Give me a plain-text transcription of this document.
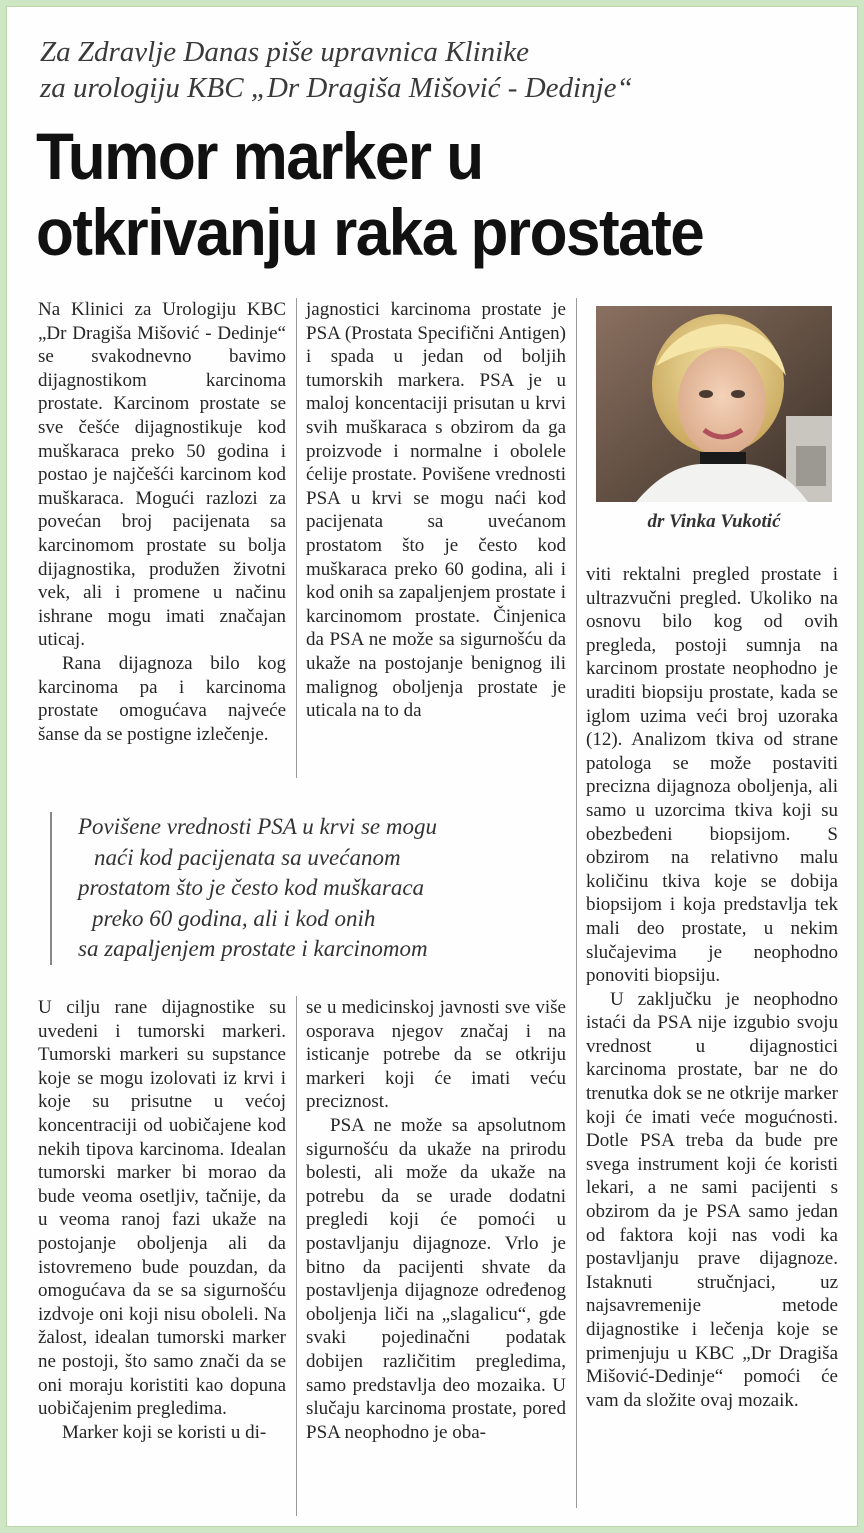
Za Zdravlje Danas piše upravnica Klinike
za urologiju KBC „Dr Dragiša Mišović - Dedinje“
Tumor marker u
otkrivanju raka prostate

Na Klinici za Urologiju KBC „Dr Dragiša Mišović - Dedinje“ se svakodnevno bavimo dijagnostikom karcinoma prostate. Karcinom prostate se sve češće dijagnostikuje kod muškaraca preko 50 godina i postao je najčešći karcinom kod muškaraca. Mogući razlozi za povećan broj pacijenata sa karcinomom prostate su bolja dijagnostika, produžen životni vek, ali i promene u načinu ishrane mogu imati značajan uticaj.

Rana dijagnoza bilo kog karcinoma pa i karcinoma prostate omogućava najveće šanse da se postigne izlečenje.

jagnostici karcinoma prostate je PSA (Prostata Specifični Antigen) i spada u jedan od boljih tumorskih markera. PSA je u maloj koncentaciji prisutan u krvi svih muškaraca s obzirom da ga proizvode i normalne i obolele ćelije prostate. Povišene vrednosti PSA u krvi se mogu naći kod pacijenata sa uvećanom prostatom što je često kod muškaraca preko 60 godina, ali i kod onih sa zapaljenjem prostate i karcinomom prostate. Činjenica da PSA ne može sa sigurnošću da ukaže na postojanje benignog ili malignog oboljenja prostate je uticala na to da

dr Vinka Vukotić

viti rektalni pregled prostate i ultrazvučni pregled. Ukoliko na osnovu bilo kog od ovih pregleda, postoji sumnja na karcinom prostate neophodno je uraditi biopsiju prostate, kada se iglom uzima veći broj uzoraka (12). Analizom tkiva od strane patologa se može postaviti precizna dijagnoza oboljenja, ali samo u uzorcima tkiva koji su obezbeđeni biopsijom. S obzirom na relativno malu količinu tkiva koje se dobija biopsijom i koja predstavlja tek mali deo prostate, u nekim slučajevima je neophodno ponoviti biopsiju.

U zaključku je neophodno istaći da PSA nije izgubio svoju vrednost u dijagnostici karcinoma prostate, bar ne do trenutka dok se ne otkrije marker koji će imati veće mogućnosti. Dotle PSA treba da bude pre svega instrument koji će koristi lekari, a ne sami pacijenti s obzirom da je PSA samo jedan od faktora koji nas vodi ka postavljanju prave dijagnoze. Istaknuti stručnjaci, uz najsavremenije metode dijagnostike i lečenja koje se primenjuju u KBC „Dr Dragiša Mišović-Dedinje“ pomoći će vam da složite ovaj mozaik.

Povišene vrednosti PSA u krvi se mogu
naći kod pacijenata sa uvećanom
prostatom što je često kod muškaraca
preko 60 godina, ali i kod onih
sa zapaljenjem prostate i karcinomom

U cilju rane dijagnostike su uvedeni i tumorski markeri. Tumorski markeri su supstance koje se mogu izolovati iz krvi i koje su prisutne u većoj koncentraciji od uobičajene kod nekih tipova karcinoma. Idealan tumorski marker bi morao da bude veoma osetljiv, tačnije, da u veoma ranoj fazi ukaže na postojanje oboljenja ali da istovremeno bude pouzdan, da omogućava da se sa sigurnošću izdvoje oni koji nisu oboleli. Na žalost, idealan tumorski marker ne postoji, što samo znači da se oni moraju koristiti kao dopuna uobičajenim pregledima.

Marker koji se koristi u di-

se u medicinskoj javnosti sve više osporava njegov značaj i na isticanje potrebe da se otkriju markeri koji će imati veću preciznost.

PSA ne može sa apsolutnom sigurnošću da ukaže na prirodu bolesti, ali može da ukaže na potrebu da se urade dodatni pregledi koji će pomoći u postavljanju dijagnoze. Vrlo je bitno da pacijenti shvate da postavljenja dijagnoze određenog oboljenja liči na „slagalicu“, gde svaki pojedinačni podatak dobijen različitim pregledima, samo predstavlja deo mozaika. U slučaju karcinoma prostate, pored PSA neophodno je oba-
